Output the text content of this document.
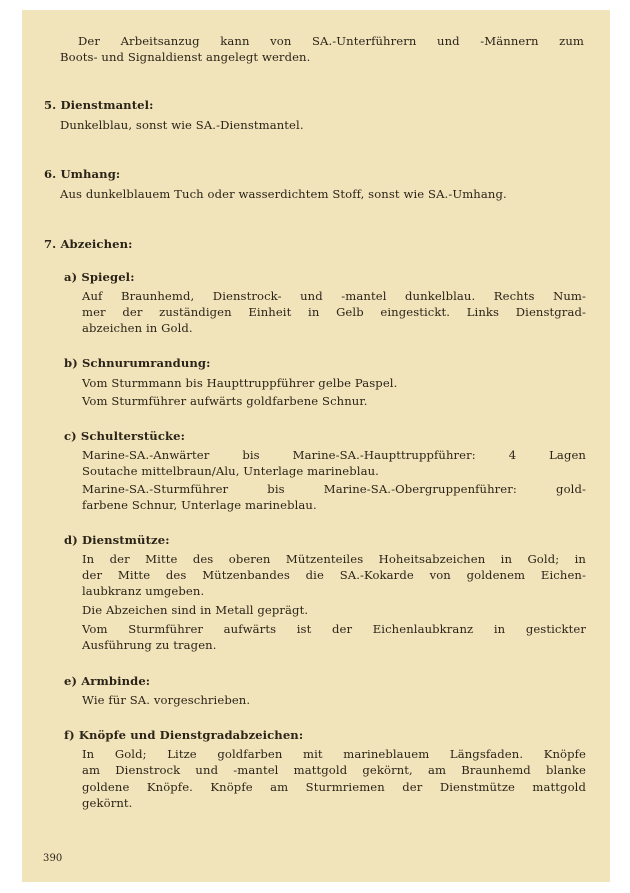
Der Arbeitsanzug kann von SA.-Unterführern und -Männern zum
Boots- und Signaldienst angelegt werden.
5. Dienstmantel:
Dunkelblau, sonst wie SA.-Dienstmantel.
6. Umhang:
Aus dunkelblauem Tuch oder wasserdichtem Stoff, sonst wie SA.-Umhang.
7. Abzeichen:
a) Spiegel:
Auf Braunhemd, Dienstrock- und -mantel dunkelblau. Rechts Num-
mer der zuständigen Einheit in Gelb eingestickt. Links Dienstgrad-
abzeichen in Gold.
b) Schnurumrandung:
Vom Sturmmann bis Haupttruppführer gelbe Paspel.
Vom Sturmführer aufwärts goldfarbene Schnur.
c) Schulterstücke:
Marine-SA.-Anwärter bis Marine-SA.-Haupttruppführer: 4 Lagen
Soutache mittelbraun/Alu, Unterlage marineblau.
Marine-SA.-Sturmführer bis Marine-SA.-Obergruppenführer: gold-
farbene Schnur, Unterlage marineblau.
d) Dienstmütze:
In der Mitte des oberen Mützenteiles Hoheitsabzeichen in Gold; in
der Mitte des Mützenbandes die SA.-Kokarde von goldenem Eichen-
laubkranz umgeben.
Die Abzeichen sind in Metall geprägt.
Vom Sturmführer aufwärts ist der Eichenlaubkranz in gestickter
Ausführung zu tragen.
e) Armbinde:
Wie für SA. vorgeschrieben.
f) Knöpfe und Dienstgradabzeichen:
In Gold; Litze goldfarben mit marineblauem Längsfaden. Knöpfe
am Dienstrock und -mantel mattgold gekörnt, am Braunhemd blanke
goldene Knöpfe. Knöpfe am Sturmriemen der Dienstmütze mattgold
gekörnt.
390
